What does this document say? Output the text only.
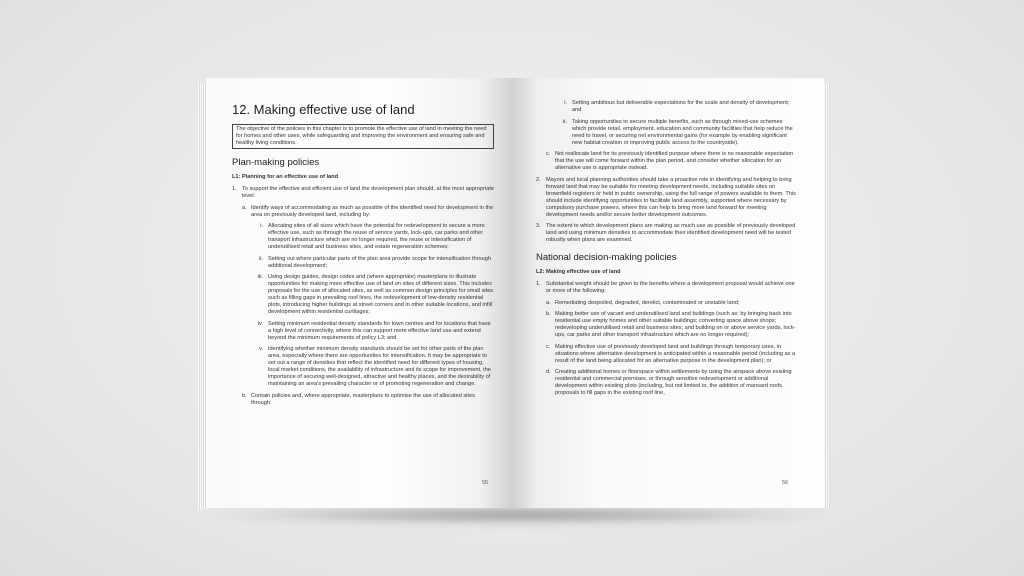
12. Making effective use of land
The objective of the policies in this chapter is to promote the effective use of land in meeting the need for homes and other uses, while safeguarding and improving the environment and ensuring safe and healthy living conditions.
Plan-making policies
L1: Planning for an effective use of land
1. To support the effective and efficient use of land the development plan should, at the most appropriate level:
a. Identify ways of accommodating as much as possible of the identified need for development in the area on previously developed land, including by:
i. Allocating sites of all sizes which have the potential for redevelopment to secure a more effective use, such as through the reuse of service yards, lock-ups, car parks and other transport infrastructure which are no longer required, the reuse or intensification of underutilised retail and business sites, and estate regeneration schemes;
ii. Setting out where particular parts of the plan area provide scope for intensification through additional development;
iii. Using design guides, design codes and (where appropriate) masterplans to illustrate opportunities for making more effective use of land on sites of different sizes. This includes proposals for the use of allocated sites, as well as common design principles for small sites such as filling gaps in prevailing roof lines, the redevelopment of low-density residential plots, introducing higher buildings at street corners and in other suitable locations, and infill development within residential curtilages;
iv. Setting minimum residential density standards for town centres and for locations that have a high level of connectivity, where this can support more effective land use and extend beyond the minimum requirements of policy L3; and
v. Identifying whether minimum density standards should be set for other parts of the plan area, especially where there are opportunities for intensification. It may be appropriate to set out a range of densities that reflect the identified need for different types of housing, local market conditions, the availability of infrastructure and its scope for improvement, the importance of securing well-designed, attractive and healthy places, and the desirability of maintaining an area's prevailing character or of promoting regeneration and change.
b. Contain policies and, where appropriate, masterplans to optimise the use of allocated sites through:
55
i. Setting ambitious but deliverable expectations for the scale and density of development; and
ii. Taking opportunities to secure multiple benefits, such as through mixed-use schemes which provide retail, employment, education and community facilities that help reduce the need to travel, or securing net environmental gains (for example by enabling significant new habitat creation or improving public access to the countryside).
c. Not reallocate land for its previously identified purpose where there is no reasonable expectation that the use will come forward within the plan period, and consider whether allocation for an alternative use is appropriate instead.
2. Mayors and local planning authorities should take a proactive role in identifying and helping to bring forward land that may be suitable for meeting development needs, including suitable sites on brownfield registers or held in public ownership, using the full range of powers available to them. This should include identifying opportunities to facilitate land assembly, supported where necessary by compulsory purchase powers, where this can help to bring more land forward for meeting development needs and/or secure better development outcomes.
3. The extent to which development plans are making as much use as possible of previously developed land and using minimum densities to accommodate their identified development need will be tested robustly when plans are examined.
National decision-making policies
L2: Making effective use of land
1. Substantial weight should be given to the benefits where a development proposal would achieve one or more of the following:
a. Remediating despoiled, degraded, derelict, contaminated or unstable land;
b. Making better use of vacant and underutilised land and buildings (such as: by bringing back into residential use empty homes and other suitable buildings; converting space above shops; redeveloping underutilised retail and business sites; and building on or above service yards, lock-ups, car parks and other transport infrastructure which are no longer required);
c. Making effective use of previously developed land and buildings through temporary uses, in situations where alternative development is anticipated within a reasonable period (including as a result of the land being allocated for an alternative purpose in the development plan); or
d. Creating additional homes or floorspace within settlements by using the airspace above existing residential and commercial premises, or through sensitive redevelopment or additional development within existing plots (including, but not limited to, the addition of mansard roofs, proposals to fill gaps in the existing roof line,
56
